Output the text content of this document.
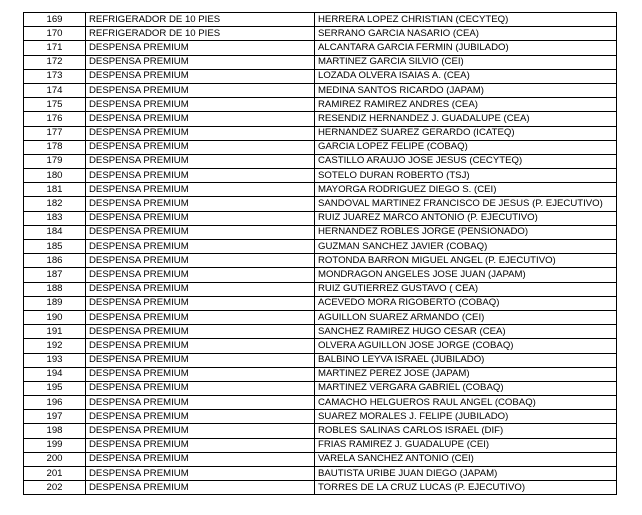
169	REFRIGERADOR DE 10 PIES	HERRERA LOPEZ CHRISTIAN (CECYTEQ)
170	REFRIGERADOR DE 10 PIES	SERRANO GARCIA NASARIO (CEA)
171	DESPENSA PREMIUM	ALCANTARA GARCIA FERMIN (JUBILADO)
172	DESPENSA PREMIUM	MARTINEZ GARCIA SILVIO (CEI)
173	DESPENSA PREMIUM	LOZADA OLVERA ISAIAS A. (CEA)
174	DESPENSA PREMIUM	MEDINA SANTOS RICARDO (JAPAM)
175	DESPENSA PREMIUM	RAMIREZ RAMIREZ ANDRES (CEA)
176	DESPENSA PREMIUM	RESENDIZ HERNANDEZ J. GUADALUPE (CEA)
177	DESPENSA PREMIUM	HERNANDEZ SUAREZ GERARDO (ICATEQ)
178	DESPENSA PREMIUM	GARCIA LOPEZ FELIPE (COBAQ)
179	DESPENSA PREMIUM	CASTILLO ARAUJO JOSE JESUS (CECYTEQ)
180	DESPENSA PREMIUM	SOTELO DURAN ROBERTO (TSJ)
181	DESPENSA PREMIUM	MAYORGA RODRIGUEZ DIEGO S. (CEI)
182	DESPENSA PREMIUM	SANDOVAL MARTINEZ FRANCISCO DE JESUS (P. EJECUTIVO)
183	DESPENSA PREMIUM	RUIZ JUAREZ MARCO ANTONIO (P. EJECUTIVO)
184	DESPENSA PREMIUM	HERNANDEZ ROBLES JORGE (PENSIONADO)
185	DESPENSA PREMIUM	GUZMAN SANCHEZ JAVIER (COBAQ)
186	DESPENSA PREMIUM	ROTONDA BARRON MIGUEL ANGEL (P. EJECUTIVO)
187	DESPENSA PREMIUM	MONDRAGON ANGELES JOSE JUAN (JAPAM)
188	DESPENSA PREMIUM	RUIZ GUTIERREZ GUSTAVO ( CEA)
189	DESPENSA PREMIUM	ACEVEDO MORA RIGOBERTO (COBAQ)
190	DESPENSA PREMIUM	AGUILLON SUAREZ ARMANDO (CEI)
191	DESPENSA PREMIUM	SANCHEZ RAMIREZ HUGO CESAR (CEA)
192	DESPENSA PREMIUM	OLVERA AGUILLON JOSE JORGE (COBAQ)
193	DESPENSA PREMIUM	BALBINO LEYVA ISRAEL (JUBILADO)
194	DESPENSA PREMIUM	MARTINEZ PEREZ JOSE (JAPAM)
195	DESPENSA PREMIUM	MARTINEZ VERGARA GABRIEL (COBAQ)
196	DESPENSA PREMIUM	CAMACHO HELGUEROS RAUL ANGEL (COBAQ)
197	DESPENSA PREMIUM	SUAREZ MORALES J. FELIPE (JUBILADO)
198	DESPENSA PREMIUM	ROBLES SALINAS CARLOS ISRAEL (DIF)
199	DESPENSA PREMIUM	FRIAS RAMIREZ J. GUADALUPE (CEI)
200	DESPENSA PREMIUM	VARELA SANCHEZ ANTONIO (CEI)
201	DESPENSA PREMIUM	BAUTISTA URIBE JUAN DIEGO (JAPAM)
202	DESPENSA PREMIUM	TORRES DE LA CRUZ LUCAS (P. EJECUTIVO)
